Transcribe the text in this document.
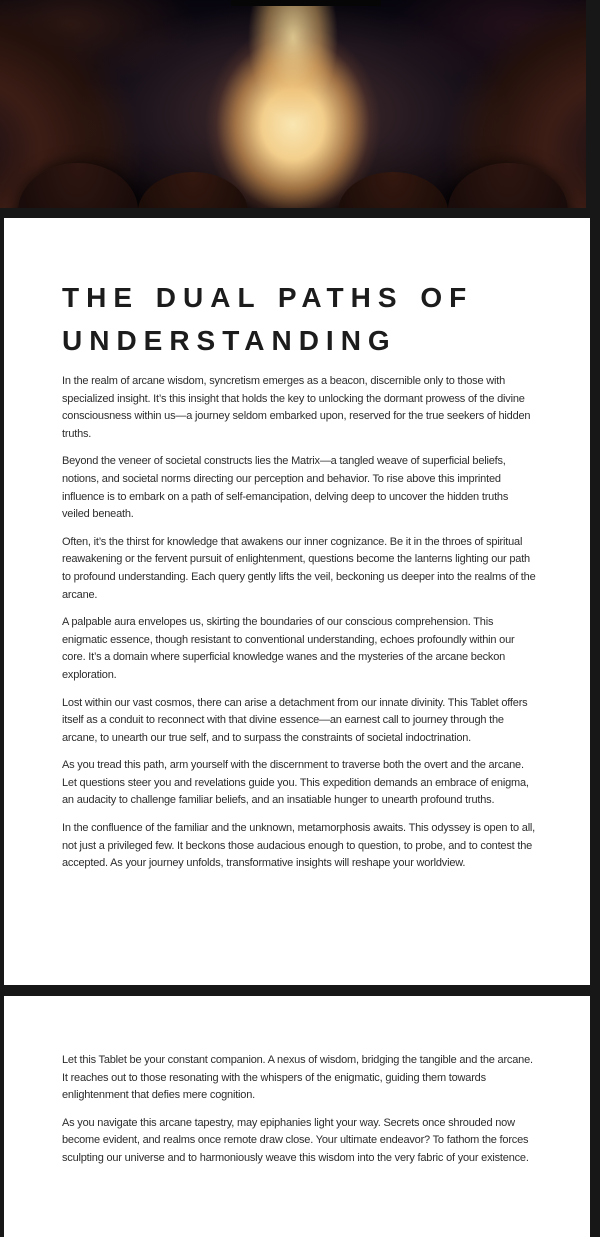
THE DUAL PATHS OF
UNDERSTANDING

In the realm of arcane wisdom, syncretism emerges as a beacon, discernible only to those with specialized insight. It’s this insight that holds the key to unlocking the dormant prowess of the divine consciousness within us—a journey seldom embarked upon, reserved for the true seekers of hidden truths.

Beyond the veneer of societal constructs lies the Matrix—a tangled weave of superficial beliefs, notions, and societal norms directing our perception and behavior. To rise above this imprinted influence is to embark on a path of self-emancipation, delving deep to uncover the hidden truths veiled beneath.

Often, it’s the thirst for knowledge that awakens our inner cognizance. Be it in the throes of spiritual reawakening or the fervent pursuit of enlightenment, questions become the lanterns lighting our path to profound understanding. Each query gently lifts the veil, beckoning us deeper into the realms of the arcane.

A palpable aura envelopes us, skirting the boundaries of our conscious comprehension. This enigmatic essence, though resistant to conventional understanding, echoes profoundly within our core. It’s a domain where superficial knowledge wanes and the mysteries of the arcane beckon exploration.

Lost within our vast cosmos, there can arise a detachment from our innate divinity. This Tablet offers itself as a conduit to reconnect with that divine essence—an earnest call to journey through the arcane, to unearth our true self, and to surpass the constraints of societal indoctrination.

As you tread this path, arm yourself with the discernment to traverse both the overt and the arcane. Let questions steer you and revelations guide you. This expedition demands an embrace of enigma, an audacity to challenge familiar beliefs, and an insatiable hunger to unearth profound truths.

In the confluence of the familiar and the unknown, metamorphosis awaits. This odyssey is open to all, not just a privileged few. It beckons those audacious enough to question, to probe, and to contest the accepted. As your journey unfolds, transformative insights will reshape your worldview.

Let this Tablet be your constant companion. A nexus of wisdom, bridging the tangible and the arcane. It reaches out to those resonating with the whispers of the enigmatic, guiding them towards enlightenment that defies mere cognition.

As you navigate this arcane tapestry, may epiphanies light your way. Secrets once shrouded now become evident, and realms once remote draw close. Your ultimate endeavor? To fathom the forces sculpting our universe and to harmoniously weave this wisdom into the very fabric of your existence.
